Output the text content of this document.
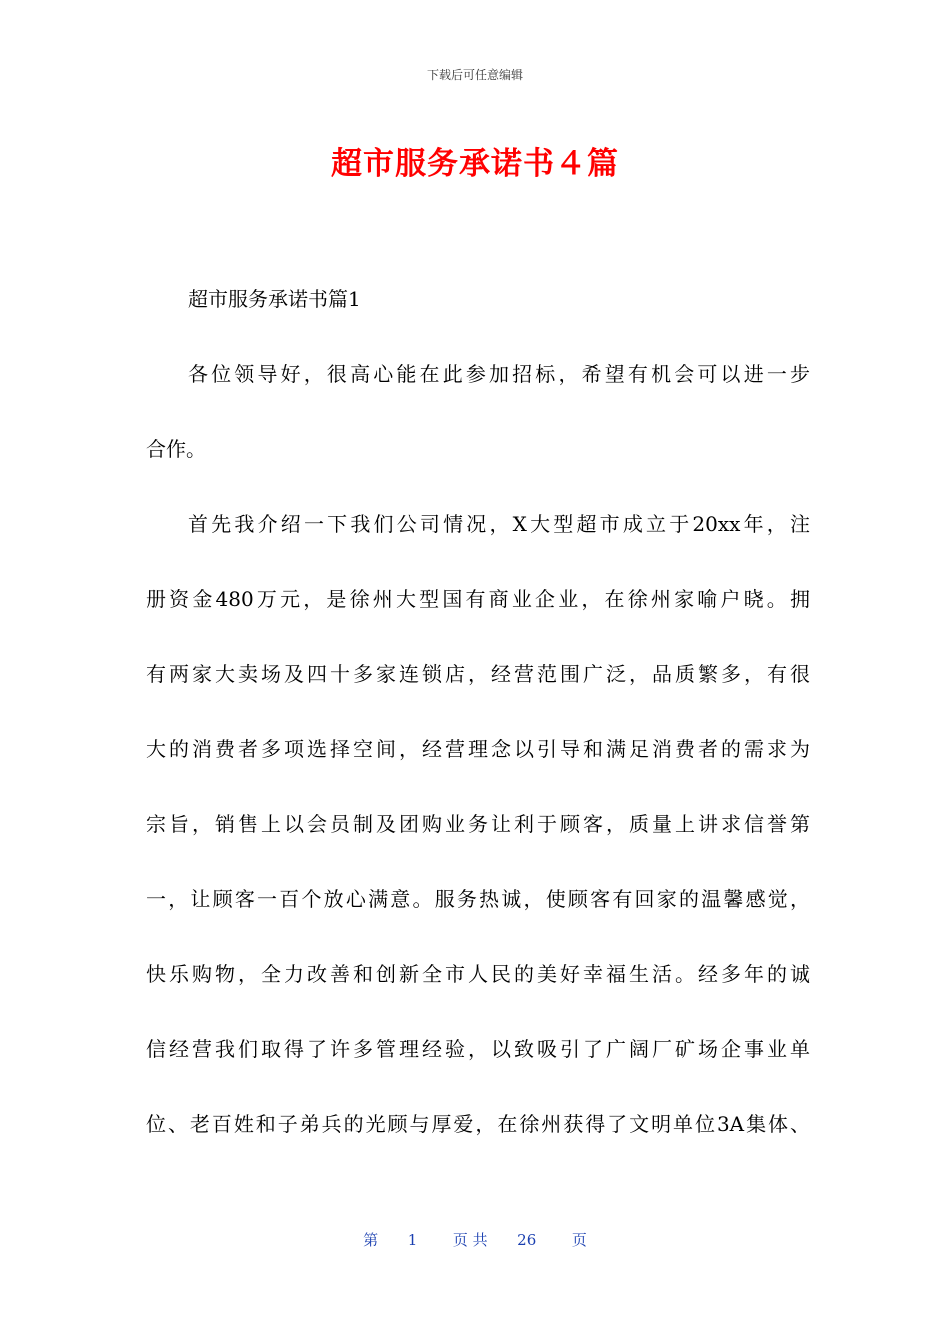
下载后可任意编辑
超市服务承诺书４篇
超市服务承诺书篇1
各位领导好，很高心能在此参加招标，希望有机会可以进一步
合作。
首先我介绍一下我们公司情况，X大型超市成立于20xx年，注
册资金480万元，是徐州大型国有商业企业，在徐州家喻户晓。拥
有两家大卖场及四十多家连锁店，经营范围广泛，品质繁多，有很
大的消费者多项选择空间，经营理念以引导和满足消费者的需求为
宗旨，销售上以会员制及团购业务让利于顾客，质量上讲求信誉第
一，让顾客一百个放心满意。服务热诚，使顾客有回家的温馨感觉，
快乐购物，全力改善和创新全市人民的美好幸福生活。经多年的诚
信经营我们取得了许多管理经验，以致吸引了广阔厂矿场企事业单
位、老百姓和子弟兵的光顾与厚爱，在徐州获得了文明单位3A集体、
第 1 页 共 26 页
